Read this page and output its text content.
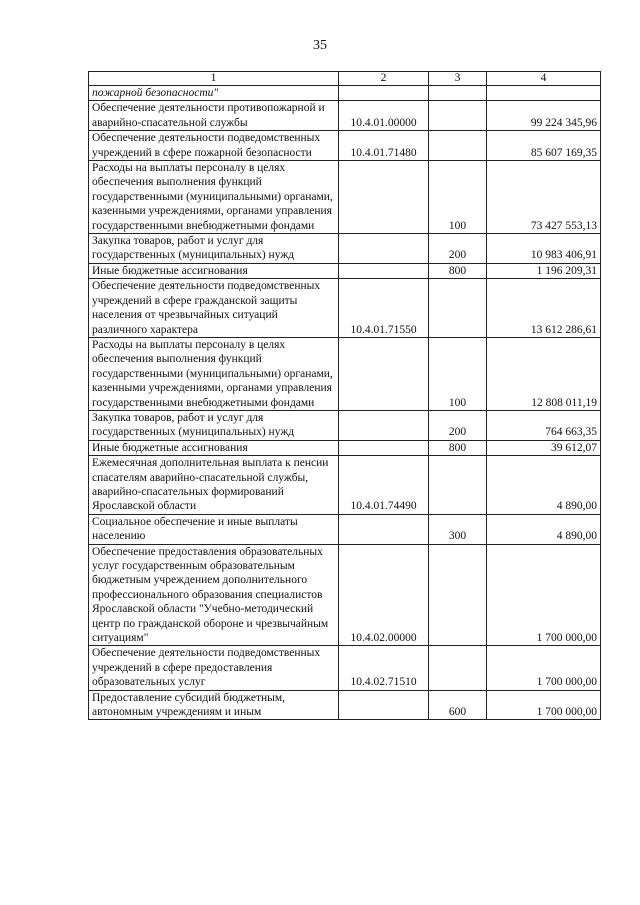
35
1	2	3	4
пожарной безопасности"			
Обеспечение деятельности противопожарной и аварийно-спасательной службы	10.4.01.00000		99 224 345,96
Обеспечение деятельности подведомственных учреждений в сфере пожарной безопасности	10.4.01.71480		85 607 169,35
Расходы на выплаты персоналу в целях обеспечения выполнения функций государственными (муниципальными) органами, казенными учреждениями, органами управления государственными внебюджетными фондами		100	73 427 553,13
Закупка товаров, работ и услуг для государственных (муниципальных) нужд		200	10 983 406,91
Иные бюджетные ассигнования		800	1 196 209,31
Обеспечение деятельности подведомственных учреждений в сфере гражданской защиты населения от чрезвычайных ситуаций различного характера	10.4.01.71550		13 612 286,61
Расходы на выплаты персоналу в целях обеспечения выполнения функций государственными (муниципальными) органами, казенными учреждениями, органами управления государственными внебюджетными фондами		100	12 808 011,19
Закупка товаров, работ и услуг для государственных (муниципальных) нужд		200	764 663,35
Иные бюджетные ассигнования		800	39 612,07
Ежемесячная дополнительная выплата к пенсии спасателям аварийно-спасательной службы, аварийно-спасательных формирований Ярославской области	10.4.01.74490		4 890,00
Социальное обеспечение и иные выплаты населению		300	4 890,00
Обеспечение предоставления образовательных услуг государственным образовательным бюджетным учреждением дополнительного профессионального образования специалистов Ярославской области "Учебно-методический центр по гражданской обороне и чрезвычайным ситуациям"	10.4.02.00000		1 700 000,00
Обеспечение деятельности подведомственных учреждений в сфере предоставления образовательных услуг	10.4.02.71510		1 700 000,00
Предоставление субсидий бюджетным, автономным учреждениям и иным		600	1 700 000,00
